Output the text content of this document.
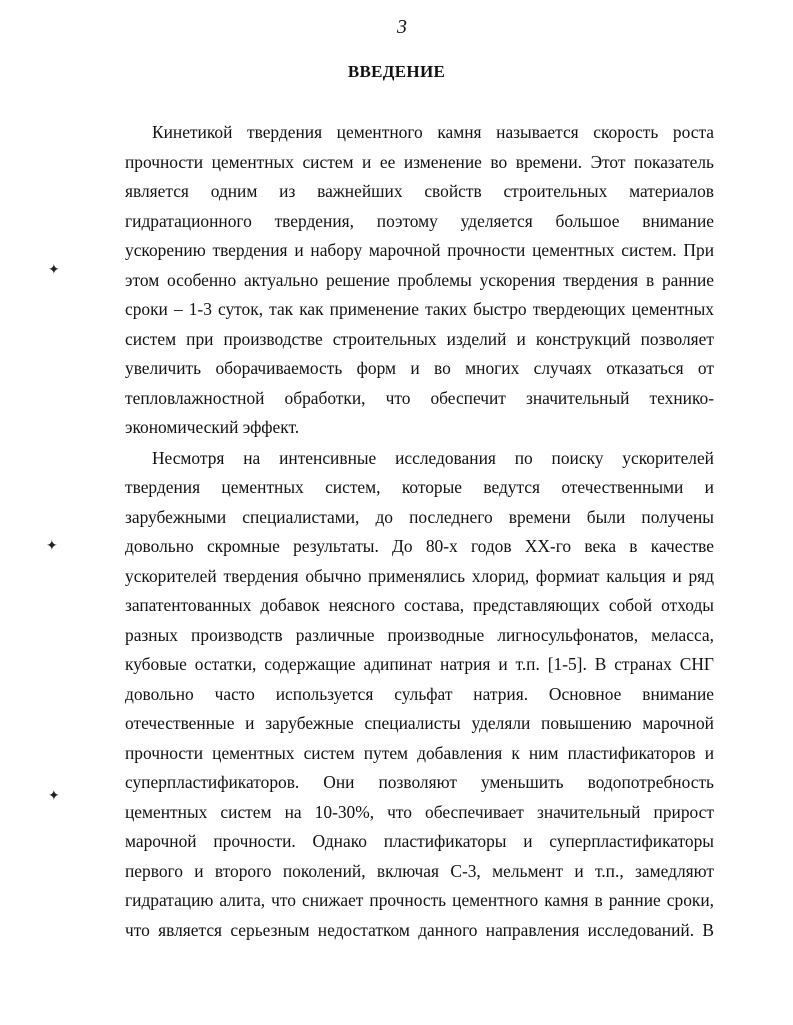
3
ВВЕДЕНИЕ
Кинетикой твердения цементного камня называется скорость роста
прочности цементных систем и ее изменение во времени. Этот показатель
является одним из важнейших свойств строительных материалов
гидратационного твердения, поэтому уделяется большое внимание
ускорению твердения и набору марочной прочности цементных систем. При
этом особенно актуально решение проблемы ускорения твердения в ранние
сроки – 1-3 суток, так как применение таких быстро твердеющих цементных
систем при производстве строительных изделий и конструкций позволяет
увеличить оборачиваемость форм и во многих случаях отказаться от
тепловлажностной обработки, что обеспечит значительный технико-
экономический эффект.
Несмотря на интенсивные исследования по поиску ускорителей
твердения цементных систем, которые ведутся отечественными и
зарубежными специалистами, до последнего времени были получены
довольно скромные результаты. До 80-х годов XX-го века в качестве
ускорителей твердения обычно применялись хлорид, формиат кальция и ряд
запатентованных добавок неясного состава, представляющих собой отходы
разных производств различные производные лигносульфонатов, меласса,
кубовые остатки, содержащие адипинат натрия и т.п. [1-5]. В странах СНГ
довольно часто используется сульфат натрия. Основное внимание
отечественные и зарубежные специалисты уделяли повышению марочной
прочности цементных систем путем добавления к ним пластификаторов и
суперпластификаторов. Они позволяют уменьшить водопотребность
цементных систем на 10-30%, что обеспечивает значительный прирост
марочной прочности. Однако пластификаторы и суперпластификаторы
первого и второго поколений, включая С-3, мельмент и т.п., замедляют
гидратацию алита, что снижает прочность цементного камня в ранние сроки,
что является серьезным недостатком данного направления исследований. В
✦
✦
✦
